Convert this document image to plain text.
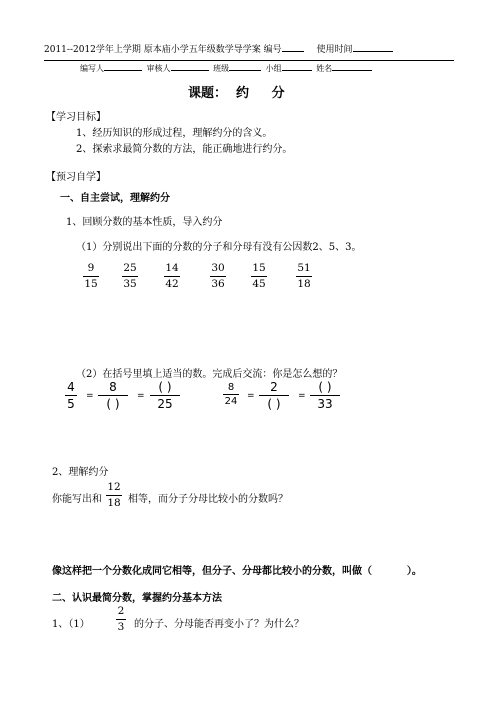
2011--2012学年上学期 原本庙小学五年级数学导学案 编号	使用时间
编写人	审核人	班级	小组	姓名
课题：  约     分
【学习目标】
1、经历知识的形成过程，理解约分的含义。
2、探索求最简分数的方法，能正确地进行约分。
【预习自学】
一、自主尝试，理解约分
1、回顾分数的基本性质，导入约分
（1）分别说出下面的分数的分子和分母有没有公因数2、5、3。
9
15
25
35
14
42
30
36
15
45
51
18
（2）在括号里填上适当的数。完成后交流：你是怎么想的？
4
5
=
8
( )
=
( )
25
8
24 =
2
( )
=
( )
33
2、理解约分
你能写出和
12
18 相等，而分子分母比较小的分数吗？
像这样把一个分数化成同它相等，但分子、分母都比较小的分数，叫做（          ）。
二、认识最简分数，掌握约分基本方法
1、（1）
2
3 的分子、分母能否再变小了？为什么？
